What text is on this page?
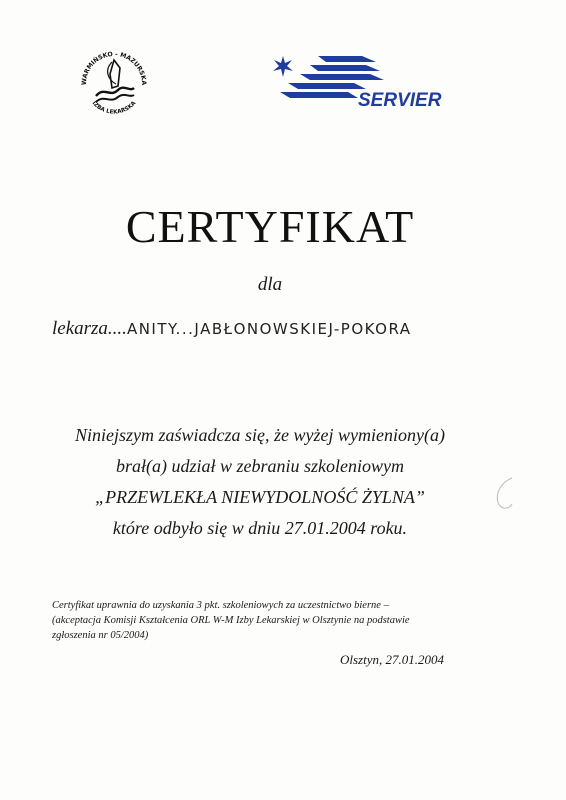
WARMIŃSKO - MAZURSKA
IZBA LEKARSKA	SERVIER
CERTYFIKAT
dla
lekarza....ANITY...JABŁONOWSKIEJ-POKORA
Niniejszym zaświadcza się, że wyżej wymieniony(a)
brał(a) udział w zebraniu szkoleniowym
„PRZEWLEKŁA NIEWYDOLNOŚĆ ŻYLNA”
które odbyło się w dniu 27.01.2004 roku.
Certyfikat uprawnia do uzyskania 3 pkt. szkoleniowych za uczestnictwo bierne –
(akceptacja Komisji Kształcenia ORL W-M Izby Lekarskiej w Olsztynie na podstawie
zgłoszenia nr 05/2004)
Olsztyn, 27.01.2004
